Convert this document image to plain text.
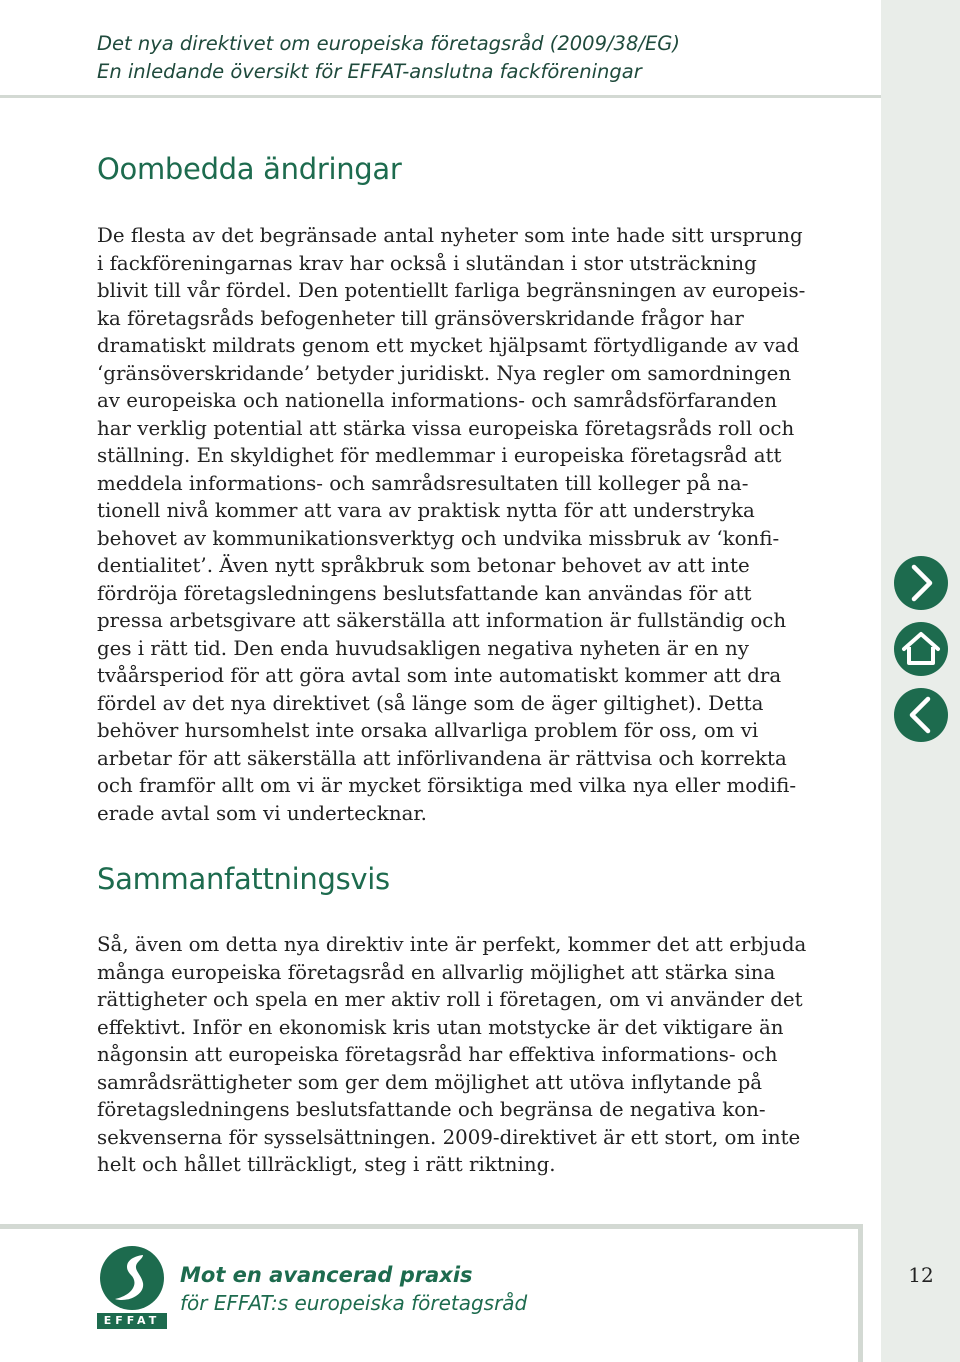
Det nya direktivet om europeiska företagsråd (2009/38/EG)
En inledande översikt för EFFAT-anslutna fackföreningar
Oombedda ändringar
De flesta av det begränsade antal nyheter som inte hade sitt ursprung
i fackföreningarnas krav har också i slutändan i stor utsträckning
blivit till vår fördel. Den potentiellt farliga begränsningen av europeis-
ka företagsråds befogenheter till gränsöverskridande frågor har
dramatiskt mildrats genom ett mycket hjälpsamt förtydligande av vad
‘gränsöverskridande’ betyder juridiskt. Nya regler om samordningen
av europeiska och nationella informations- och samrådsförfaranden
har verklig potential att stärka vissa europeiska företagsråds roll och
ställning. En skyldighet för medlemmar i europeiska företagsråd att
meddela informations- och samrådsresultaten till kolleger på na-
tionell nivå kommer att vara av praktisk nytta för att understryka
behovet av kommunikationsverktyg och undvika missbruk av ‘konfi-
dentialitet’. Även nytt språkbruk som betonar behovet av att inte
fördröja företagsledningens beslutsfattande kan användas för att
pressa arbetsgivare att säkerställa att information är fullständig och
ges i rätt tid. Den enda huvudsakligen negativa nyheten är en ny
tvåårsperiod för att göra avtal som inte automatiskt kommer att dra
fördel av det nya direktivet (så länge som de äger giltighet). Detta
behöver hursomhelst inte orsaka allvarliga problem för oss, om vi
arbetar för att säkerställa att införlivandena är rättvisa och korrekta
och framför allt om vi är mycket försiktiga med vilka nya eller modifi-
erade avtal som vi undertecknar.
Sammanfattningsvis
Så, även om detta nya direktiv inte är perfekt, kommer det att erbjuda
många europeiska företagsråd en allvarlig möjlighet att stärka sina
rättigheter och spela en mer aktiv roll i företagen, om vi använder det
effektivt. Inför en ekonomisk kris utan motstycke är det viktigare än
någonsin att europeiska företagsråd har effektiva informations- och
samrådsrättigheter som ger dem möjlighet att utöva inflytande på
företagsledningens beslutsfattande och begränsa de negativa kon-
sekvenserna för sysselsättningen. 2009-direktivet är ett stort, om inte
helt och hållet tillräckligt, steg i rätt riktning.
EFFAT
Mot en avancerad praxis
för EFFAT:s europeiska företagsråd
12
